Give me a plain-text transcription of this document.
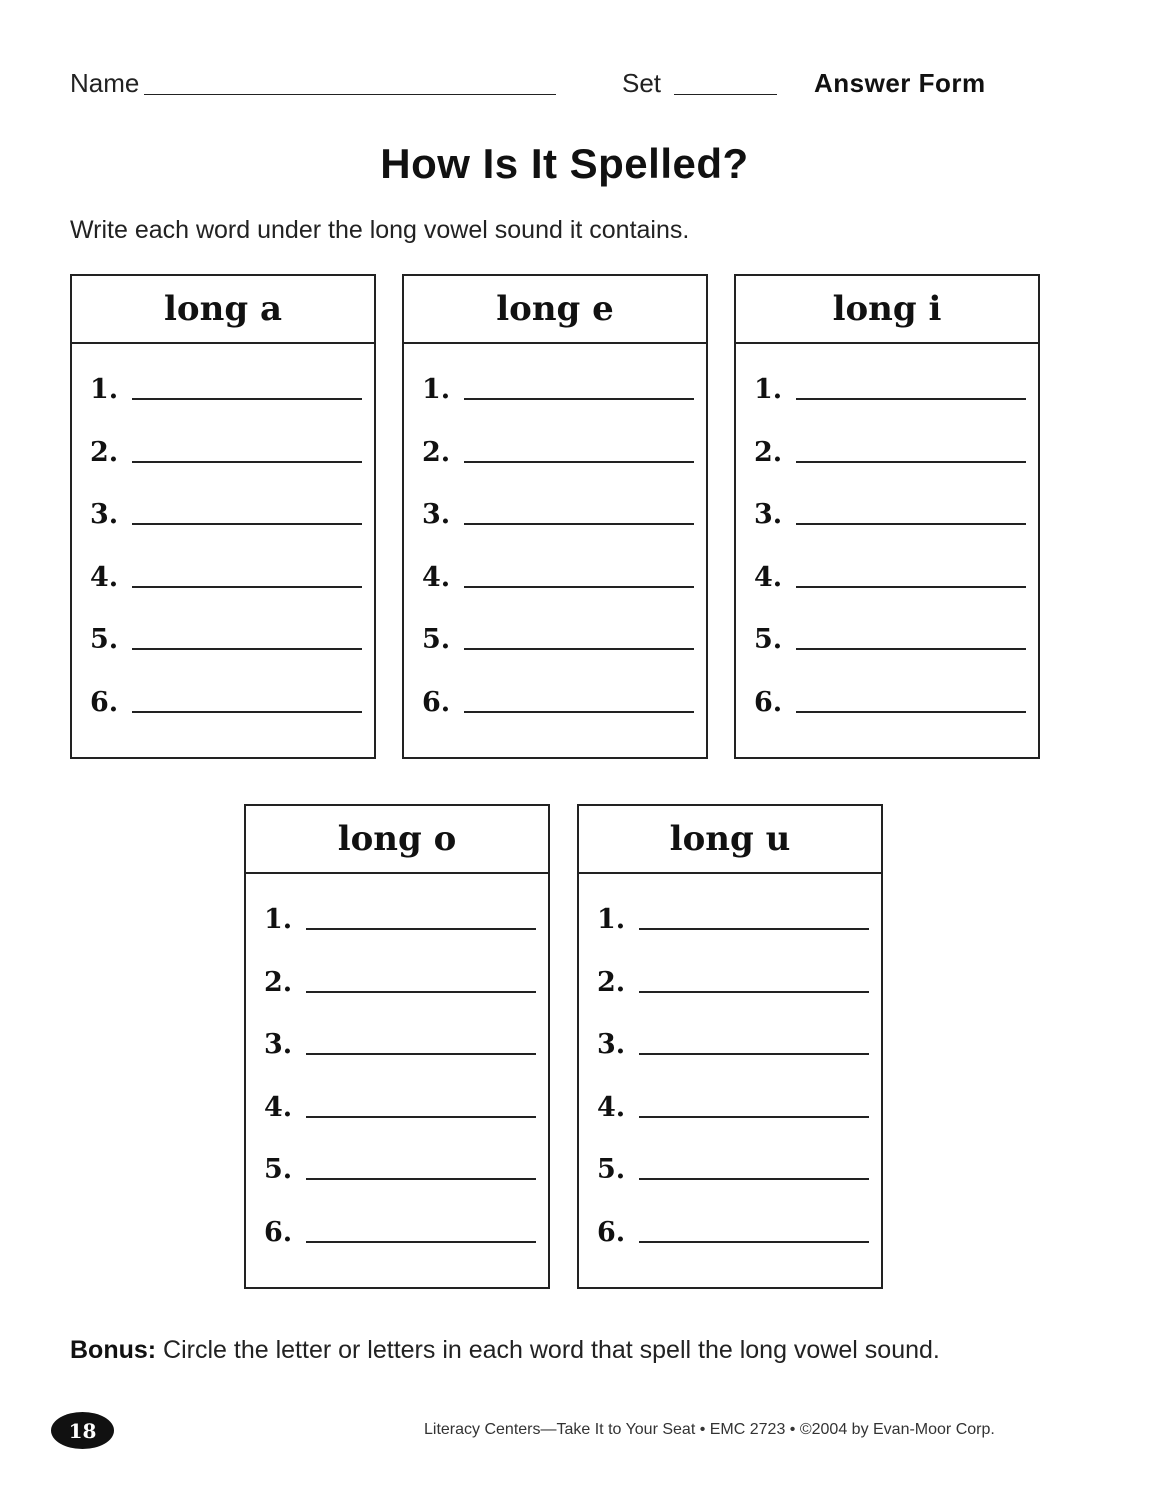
Name	Set	Answer Form
How Is It Spelled?
Write each word under the long vowel sound it contains.
long a
1.
2.
3.
4.
5.
6.
long e
1.
2.
3.
4.
5.
6.
long i
1.
2.
3.
4.
5.
6.
long o
1.
2.
3.
4.
5.
6.
long u
1.
2.
3.
4.
5.
6.
Bonus: Circle the letter or letters in each word that spell the long vowel sound.
18	Literacy Centers—Take It to Your Seat • EMC 2723 • ©2004 by Evan-Moor Corp.
